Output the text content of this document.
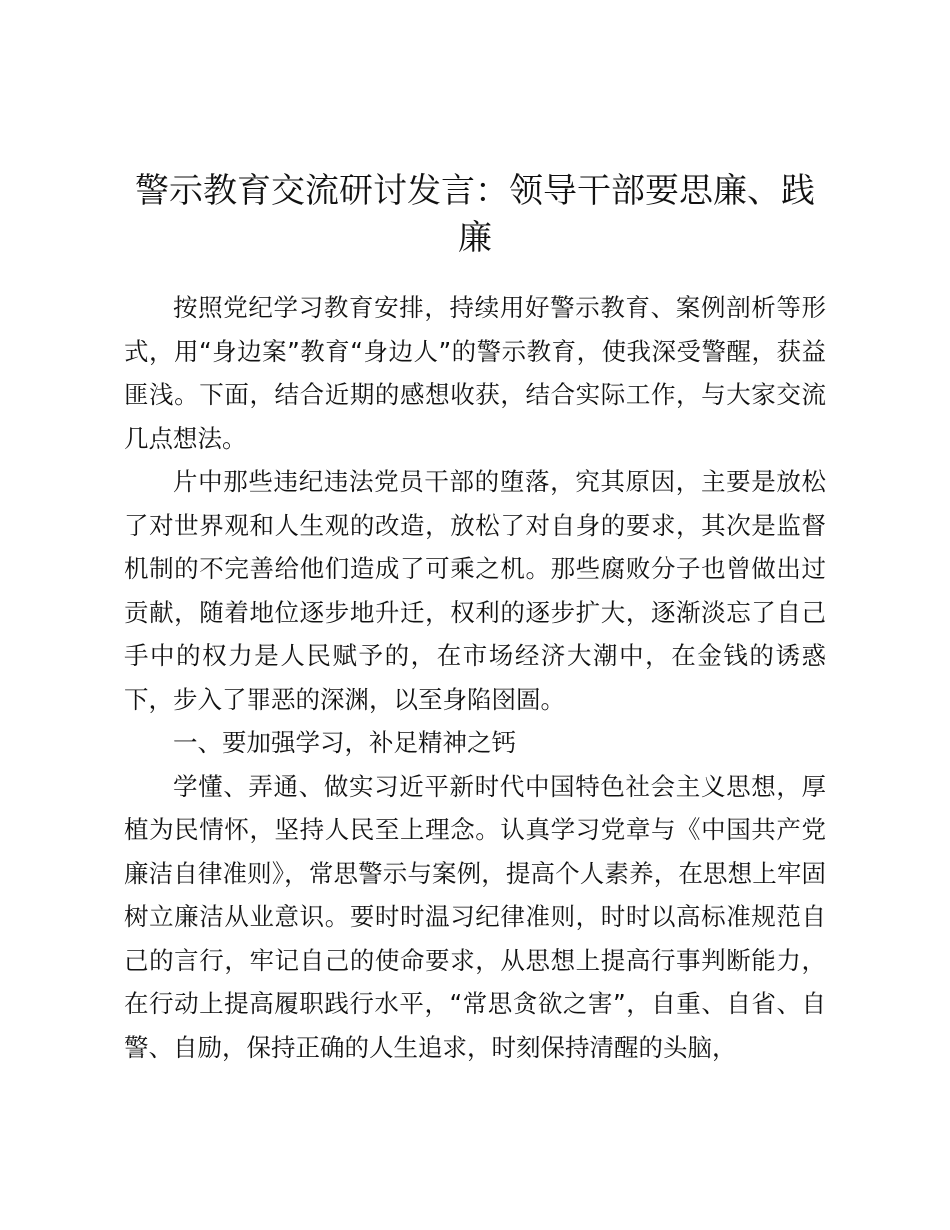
警示教育交流研讨发言：领导干部要思廉、践廉

按照党纪学习教育安排，持续用好警示教育、案例剖析等形式，用“身边案”教育“身边人”的警示教育，使我深受警醒，获益匪浅。下面，结合近期的感想收获，结合实际工作，与大家交流几点想法。

片中那些违纪违法党员干部的堕落，究其原因，主要是放松了对世界观和人生观的改造，放松了对自身的要求，其次是监督机制的不完善给他们造成了可乘之机。那些腐败分子也曾做出过贡献，随着地位逐步地升迁，权利的逐步扩大，逐渐淡忘了自己手中的权力是人民赋予的，在市场经济大潮中，在金钱的诱惑下，步入了罪恶的深渊，以至身陷囹圄。

一、要加强学习，补足精神之钙

学懂、弄通、做实习近平新时代中国特色社会主义思想，厚植为民情怀，坚持人民至上理念。认真学习党章与《中国共产党廉洁自律准则》，常思警示与案例，提高个人素养，在思想上牢固树立廉洁从业意识。要时时温习纪律准则，时时以高标准规范自己的言行，牢记自己的使命要求，从思想上提高行事判断能力，在行动上提高履职践行水平，“常思贪欲之害”，自重、自省、自警、自励，保持正确的人生追求，时刻保持清醒的头脑，
